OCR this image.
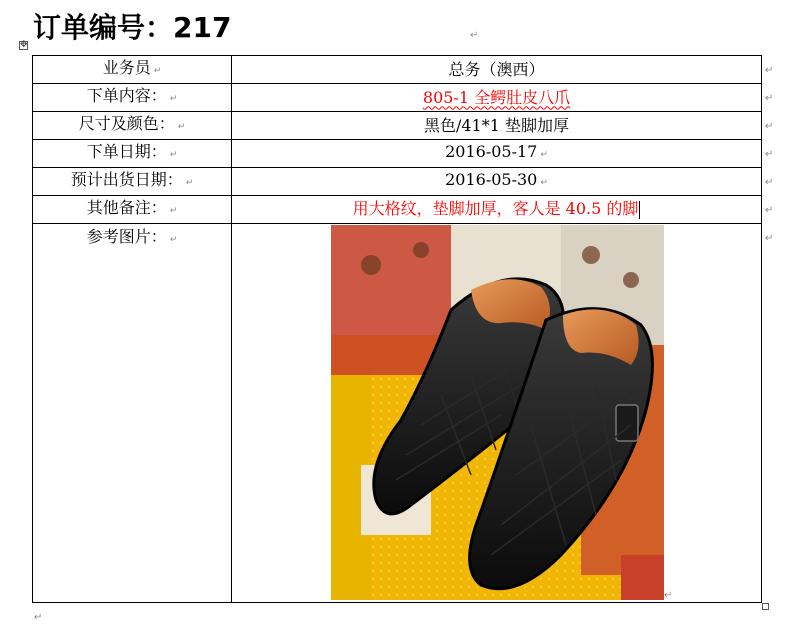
订单编号：217	↵
✥
业务员 ↵	总务（澳西）
下单内容： ↵	805-1 全鳄肚皮八爪
尺寸及颜色： ↵	黑色/41*1 垫脚加厚
下单日期： ↵	2016-05-17 ↵
预计出货日期： ↵	2016-05-30 ↵
其他备注： ↵	用大格纹，垫脚加厚，客人是 40.5 的脚

参考图片： ↵

↵
↵
↵
↵
↵
↵
↵
↵
↵
